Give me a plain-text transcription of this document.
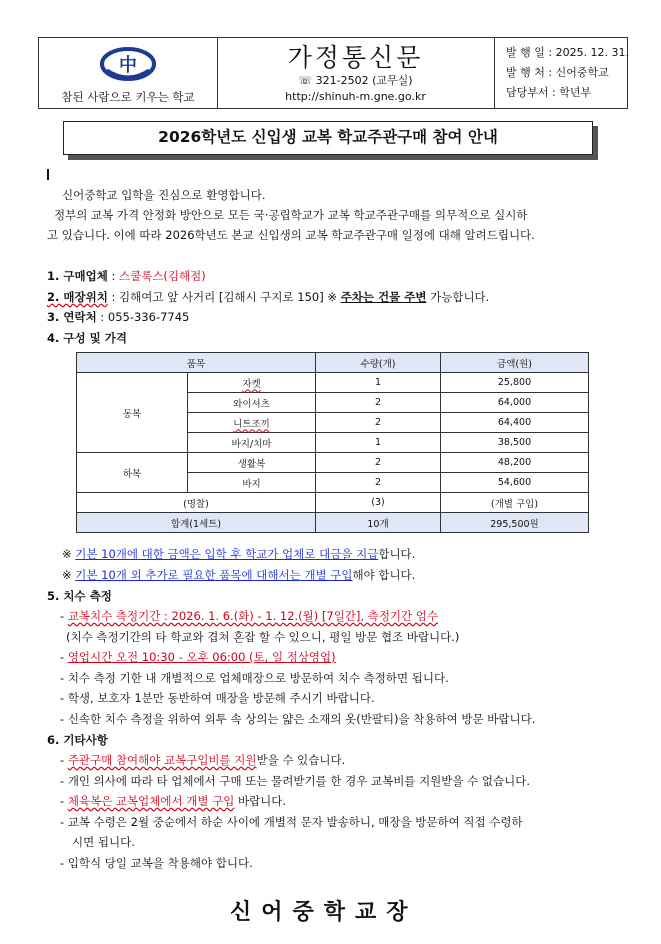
中
참된 사람으로 키우는 학교
가정통신문
☏ 321-2502 (교무실)
http://shinuh-m.gne.go.kr
발 행 일 : 2025. 12. 31.
발 행 처 : 신어중학교
담당부서 : 학년부
2026학년도 신입생 교복 학교주관구매 참여 안내
신어중학교 입학을 진심으로 환영합니다.
정부의 교복 가격 안정화 방안으로 모든 국·공립학교가 교복 학교주관구매를 의무적으로 실시하
고 있습니다. 이에 따라 2026학년도 본교 신입생의 교복 학교주관구매 일정에 대해 알려드립니다.
1. 구매업체 : 스쿨룩스(김해점)
2. 매장위치 : 김해여고 앞 사거리 [김해시 구지로 150] ※ 주차는 건물 주변 가능합니다.
3. 연락처 : 055-336-7745
4. 구성 및 가격
품목		수량(개)	금액(원)
동복	자켓	1	25,800
	와이셔츠	2	64,000
	니트조끼	2	64,400
	바지/치마	1	38,500
하복	생활복	2	48,200
	바지	2	54,600
(명찰)		(3)	(개별 구입)
합계(1세트)		10개	295,500원
※ 기본 10개에 대한 금액은 입학 후 학교가 업체로 대금을 지급합니다.
※ 기본 10개 외 추가로 필요한 품목에 대해서는 개별 구입해야 합니다.
5. 치수 측정
- 교복치수 측정기간 : 2026. 1. 6.(화) - 1. 12.(월) [7일간], 측정기간 엄수
(치수 측정기간의 타 학교와 겹쳐 혼잡 할 수 있으니, 평일 방문 협조 바랍니다.)
- 영업시간 오전 10:30 - 오후 06:00 (토, 일 정상영업)
- 치수 측정 기한 내 개별적으로 업체매장으로 방문하여 치수 측정하면 됩니다.
- 학생, 보호자 1분만 동반하여 매장을 방문해 주시기 바랍니다.
- 신속한 치수 측정을 위하여 외투 속 상의는 얇은 소재의 옷(반팔티)을 착용하여 방문 바랍니다.
6. 기타사항
- 주관구매 참여해야 교복구입비를 지원받을 수 있습니다.
- 개인 의사에 따라 타 업체에서 구매 또는 물려받기를 한 경우 교복비를 지원받을 수 없습니다.
- 체육복은 교복업체에서 개별 구입 바랍니다.
- 교복 수령은 2월 중순에서 하순 사이에 개별적 문자 발송하니, 매장을 방문하여 직접 수령하
시면 됩니다.
- 입학식 당일 교복을 착용해야 합니다.
신어중학교장
